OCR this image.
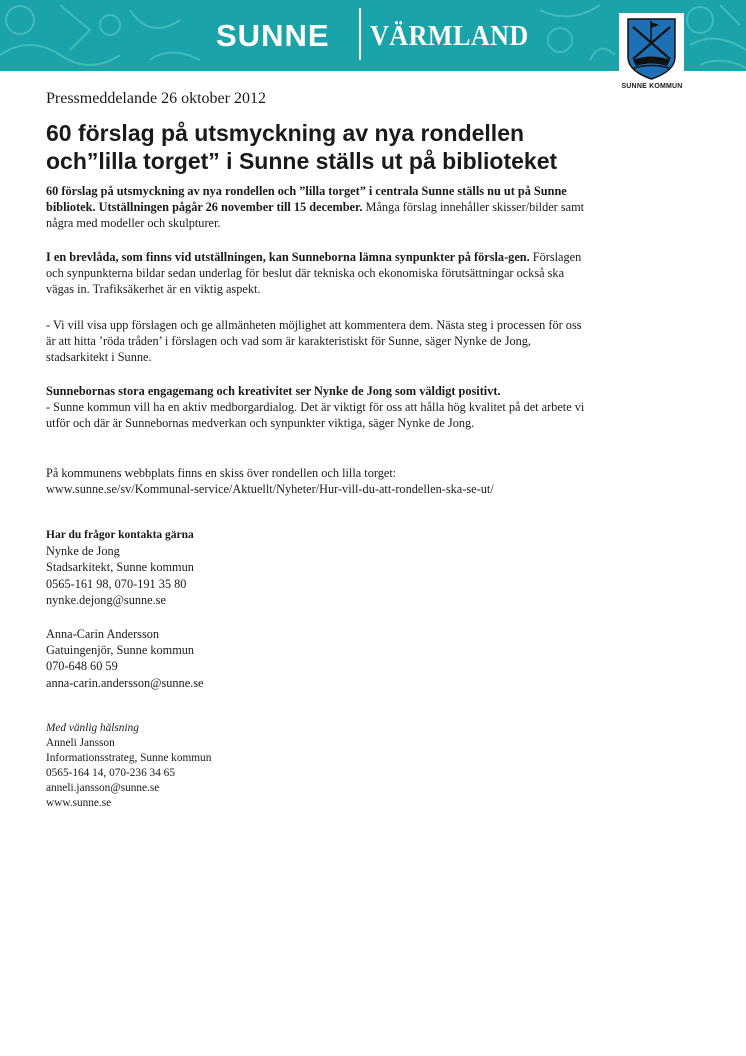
SUNNE VÄRMLAND
SUNNE KOMMUN
Pressmeddelande 26 oktober 2012
60 förslag på utsmyckning av nya rondellen
och”lilla torget” i Sunne ställs ut på biblioteket

60 förslag på utsmyckning av nya rondellen och ”lilla torget” i centrala Sunne ställs nu ut på Sunne bibliotek. Utställningen pågår 26 november till 15 december. Många förslag innehåller skisser/bilder samt några med modeller och skulpturer.

I en brevlåda, som finns vid utställningen, kan Sunneborna lämna synpunkter på försla-gen. Förslagen och synpunkterna bildar sedan underlag för beslut där tekniska och ekonomiska förutsättningar också ska vägas in. Trafiksäkerhet är en viktig aspekt.

- Vi vill visa upp förslagen och ge allmänheten möjlighet att kommentera dem. Nästa steg i processen för oss är att hitta ’röda tråden’ i förslagen och vad som är karakteristiskt för Sunne, säger Nynke de Jong, stadsarkitekt i Sunne.

Sunnebornas stora engagemang och kreativitet ser Nynke de Jong som väldigt positivt.
- Sunne kommun vill ha en aktiv medborgardialog. Det är viktigt för oss att hålla hög kvalitet på det arbete vi utför och där är Sunnebornas medverkan och synpunkter viktiga, säger Nynke de Jong.

På kommunens webbplats finns en skiss över rondellen och lilla torget:
www.sunne.se/sv/Kommunal-service/Aktuellt/Nyheter/Hur-vill-du-att-rondellen-ska-se-ut/

Har du frågor kontakta gärna
Nynke de Jong
Stadsarkitekt, Sunne kommun
0565-161 98, 070-191 35 80
nynke.dejong@sunne.se
Anna-Carin Andersson
Gatuingenjör, Sunne kommun
070-648 60 59
anna-carin.andersson@sunne.se
Med vänlig hälsning
Anneli Jansson
Informationsstrateg, Sunne kommun
0565-164 14, 070-236 34 65
anneli.jansson@sunne.se
www.sunne.se
